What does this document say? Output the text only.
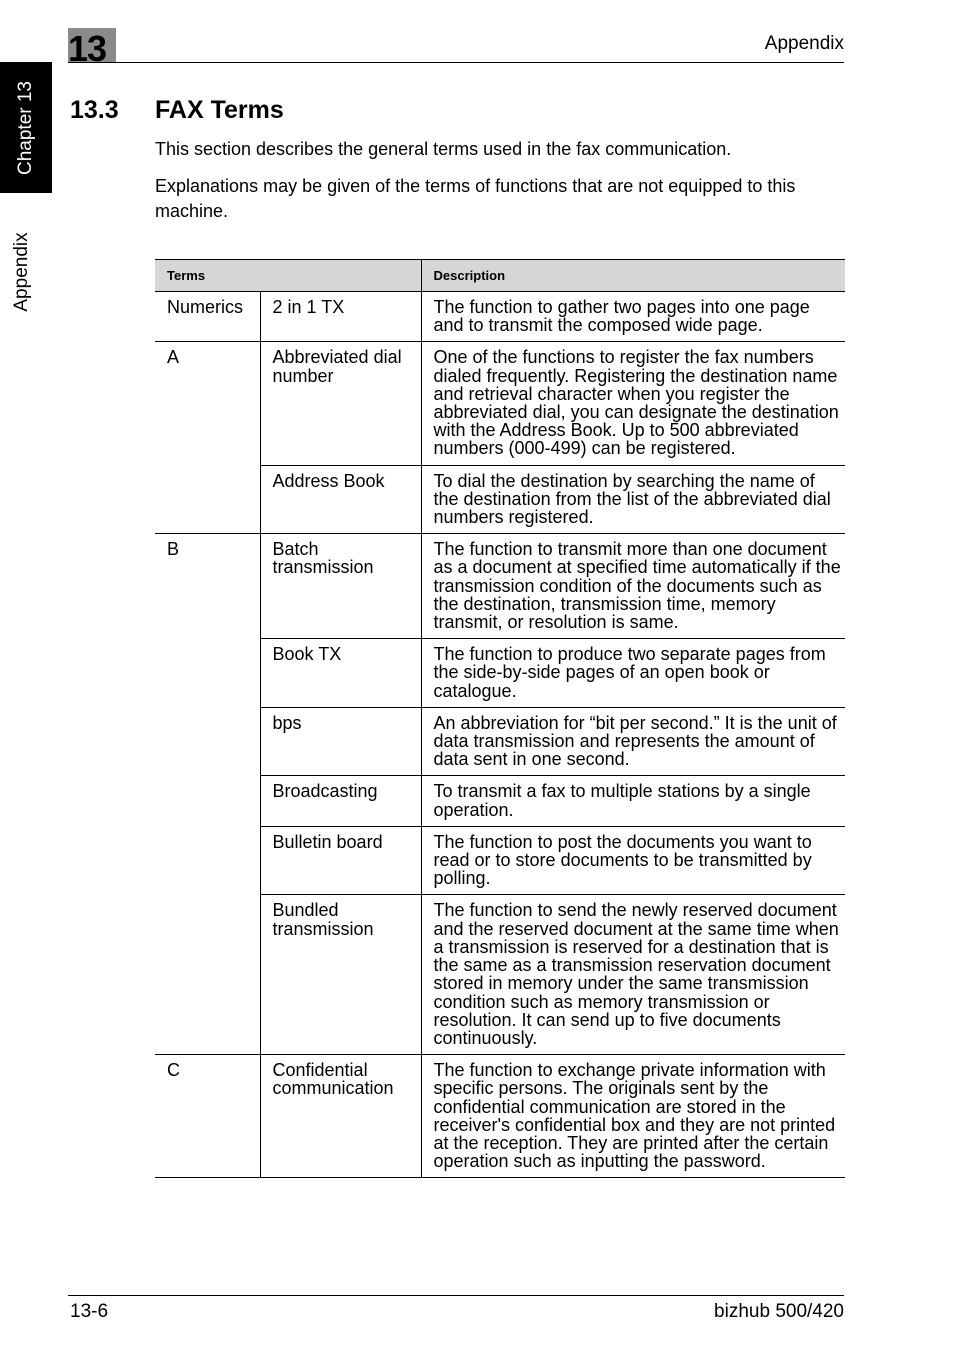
13	Appendix
Chapter 13
Appendix
13.3 FAX Terms

This section describes the general terms used in the fax communication.

Explanations may be given of the terms of functions that are not equipped to this machine.

Terms		Description
Numerics	2 in 1 TX	The function to gather two pages into one page and to transmit the composed wide page.
A	Abbreviated dial number	One of the functions to register the fax numbers dialed frequently. Registering the destination name and retrieval character when you register the abbreviated dial, you can designate the destination with the Address Book. Up to 500 abbreviated numbers (000-499) can be registered.
	Address Book	To dial the destination by searching the name of the destination from the list of the abbreviated dial numbers registered.
B	Batch transmission	The function to transmit more than one document as a document at specified time automatically if the transmission condition of the documents such as the destination, transmission time, memory transmit, or resolution is same.
	Book TX	The function to produce two separate pages from the side-by-side pages of an open book or catalogue.
	bps	An abbreviation for “bit per second.” It is the unit of data transmission and represents the amount of data sent in one second.
	Broadcasting	To transmit a fax to multiple stations by a single operation.
	Bulletin board	The function to post the documents you want to read or to store documents to be transmitted by polling.
	Bundled transmission	The function to send the newly reserved document and the reserved document at the same time when a transmission is reserved for a destination that is the same as a transmission reservation document stored in memory under the same transmission condition such as memory transmission or resolution. It can send up to five documents continuously.
C	Confidential communication	The function to exchange private information with specific persons. The originals sent by the confidential communication are stored in the receiver's confidential box and they are not printed at the reception. They are printed after the certain operation such as inputting the password.
13-6	bizhub 500/420
